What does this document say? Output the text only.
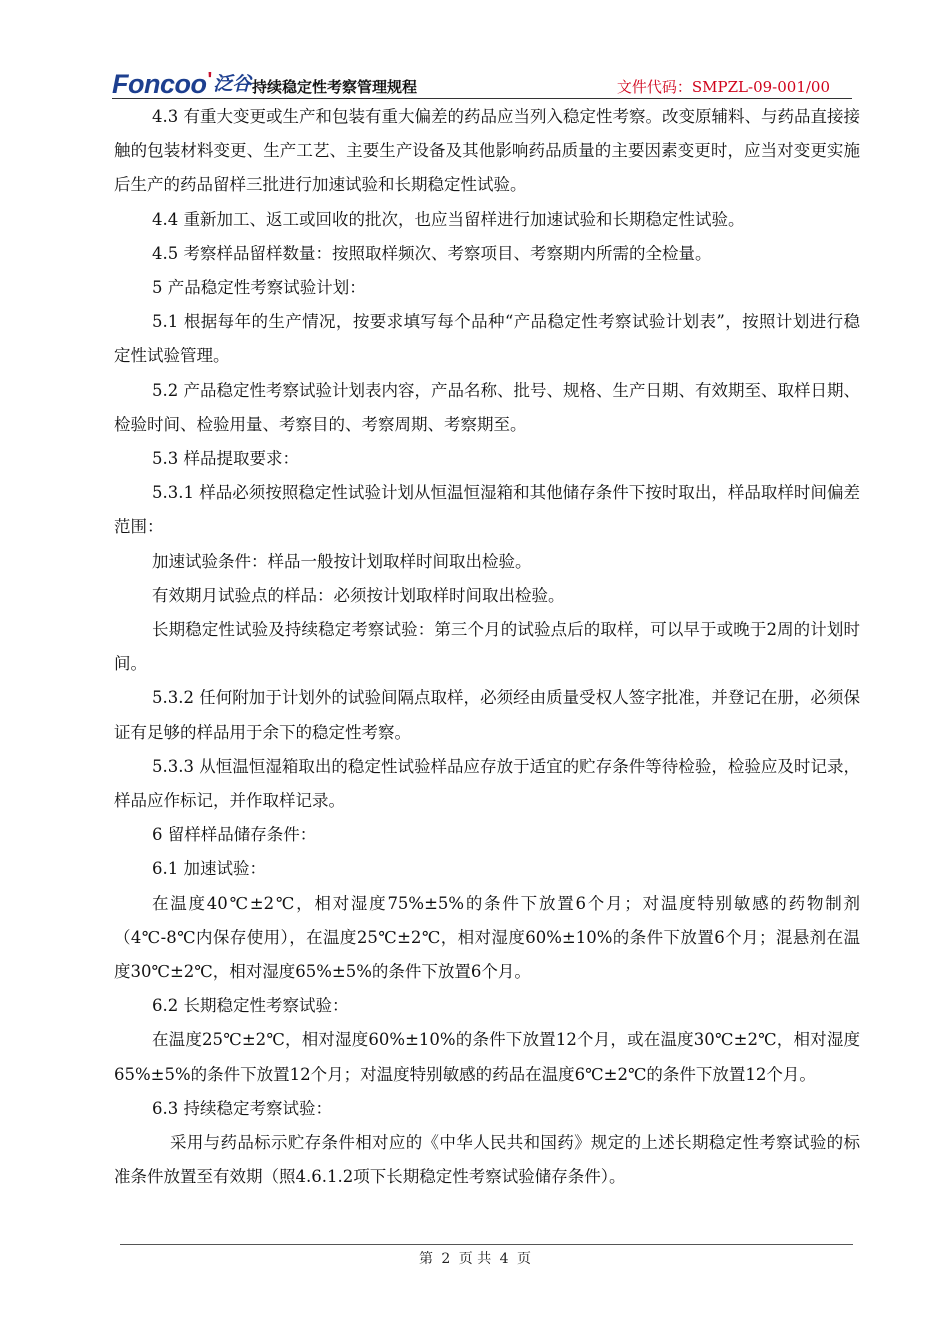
Foncoo ' 泛谷 持续稳定性考察管理规程	文件代码：SMPZL-09-001/00

4.3 有重大变更或生产和包装有重大偏差的药品应当列入稳定性考察。改变原辅料、与药品直接接触的包装材料变更、生产工艺、主要生产设备及其他影响药品质量的主要因素变更时，应当对变更实施后生产的药品留样三批进行加速试验和长期稳定性试验。

4.4 重新加工、返工或回收的批次，也应当留样进行加速试验和长期稳定性试验。

4.5 考察样品留样数量：按照取样频次、考察项目、考察期内所需的全检量。

5 产品稳定性考察试验计划：

5.1 根据每年的生产情况，按要求填写每个品种“产品稳定性考察试验计划表”，按照计划进行稳定性试验管理。

5.2 产品稳定性考察试验计划表内容，产品名称、批号、规格、生产日期、有效期至、取样日期、检验时间、检验用量、考察目的、考察周期、考察期至。

5.3 样品提取要求：

5.3.1 样品必须按照稳定性试验计划从恒温恒湿箱和其他储存条件下按时取出，样品取样时间偏差范围：

加速试验条件：样品一般按计划取样时间取出检验。

有效期月试验点的样品：必须按计划取样时间取出检验。

长期稳定性试验及持续稳定考察试验：第三个月的试验点后的取样，可以早于或晚于2周的计划时间。

5.3.2 任何附加于计划外的试验间隔点取样，必须经由质量受权人签字批准，并登记在册，必须保证有足够的样品用于余下的稳定性考察。

5.3.3 从恒温恒湿箱取出的稳定性试验样品应存放于适宜的贮存条件等待检验，检验应及时记录，样品应作标记，并作取样记录。

6 留样样品储存条件：

6.1 加速试验：

在温度40℃±2℃，相对湿度75%±5%的条件下放置6个月；对温度特别敏感的药物制剂（4℃-8℃内保存使用），在温度25℃±2℃，相对湿度60%±10%的条件下放置6个月；混悬剂在温度30℃±2℃，相对湿度65%±5%的条件下放置6个月。

6.2 长期稳定性考察试验：

在温度25℃±2℃，相对湿度60%±10%的条件下放置12个月，或在温度30℃±2℃，相对湿度65%±5%的条件下放置12个月；对温度特别敏感的药品在温度6℃±2℃的条件下放置12个月。

6.3 持续稳定考察试验：

采用与药品标示贮存条件相对应的《中华人民共和国药》规定的上述长期稳定性考察试验的标准条件放置至有效期（照4.6.1.2项下长期稳定性考察试验储存条件）。

第 2 页 共 4 页
